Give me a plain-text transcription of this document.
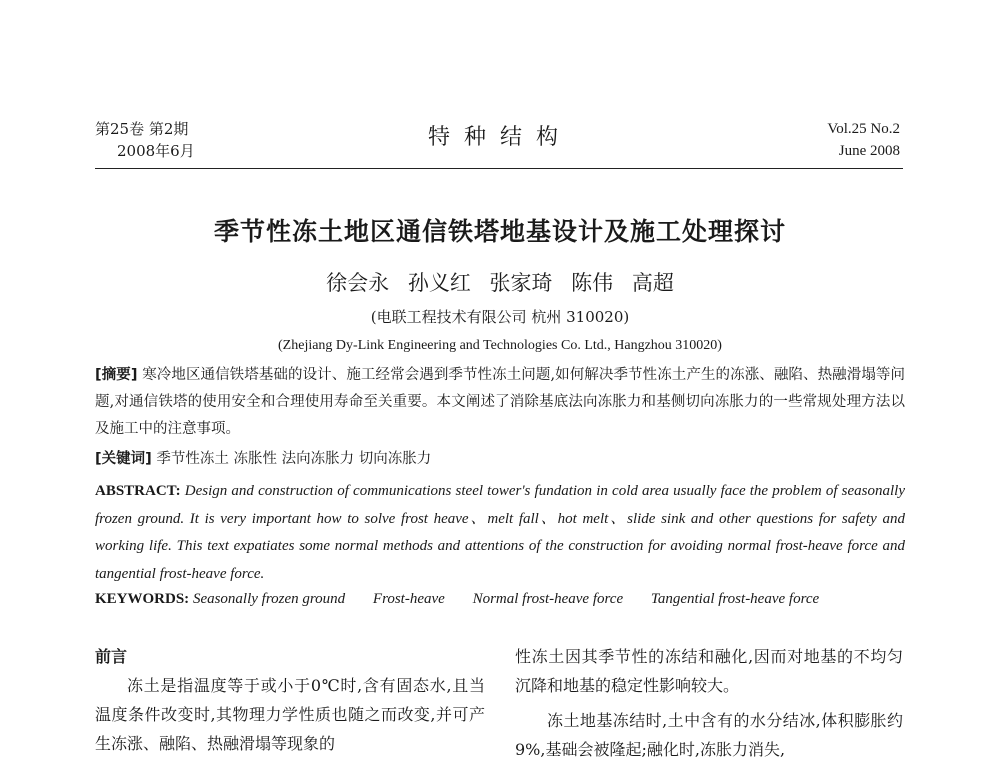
第25卷 第2期
2008年6月
特种结构	Vol.25 No.2
June 2008
季节性冻土地区通信铁塔地基设计及施工处理探讨
徐会永 孙义红 张家琦 陈伟 高超
(电联工程技术有限公司 杭州 310020)
(Zhejiang Dy-Link Engineering and Technologies Co. Ltd., Hangzhou 310020)
[摘要] 寒冷地区通信铁塔基础的设计、施工经常会遇到季节性冻土问题,如何解决季节性冻土产生的冻涨、融陷、热融滑塌等问题,对通信铁塔的使用安全和合理使用寿命至关重要。本文阐述了消除基底法向冻胀力和基侧切向冻胀力的一些常规处理方法以及施工中的注意事项。
[关键词] 季节性冻土 冻胀性 法向冻胀力 切向冻胀力
ABSTRACT: Design and construction of communications steel tower's fundation in cold area usually face the problem of seasonally frozen ground. It is very important how to solve frost heave、melt fall、hot melt、slide sink and other questions for safety and working life. This text expatiates some normal methods and attentions of the construction for avoiding normal frost-heave force and tangential frost-heave force.
KEYWORDS: Seasonally frozen ground Frost-heave Normal frost-heave force Tangential frost-heave force
前言
冻土是指温度等于或小于0℃时,含有固态水,且当温度条件改变时,其物理力学性质也随之而改变,并可产生冻涨、融陷、热融滑塌等现象的
性冻土因其季节性的冻结和融化,因而对地基的不均匀沉降和地基的稳定性影响较大。
冻土地基冻结时,土中含有的水分结冰,体积膨胀约9%,基础会被隆起;融化时,冻胀力消失,
